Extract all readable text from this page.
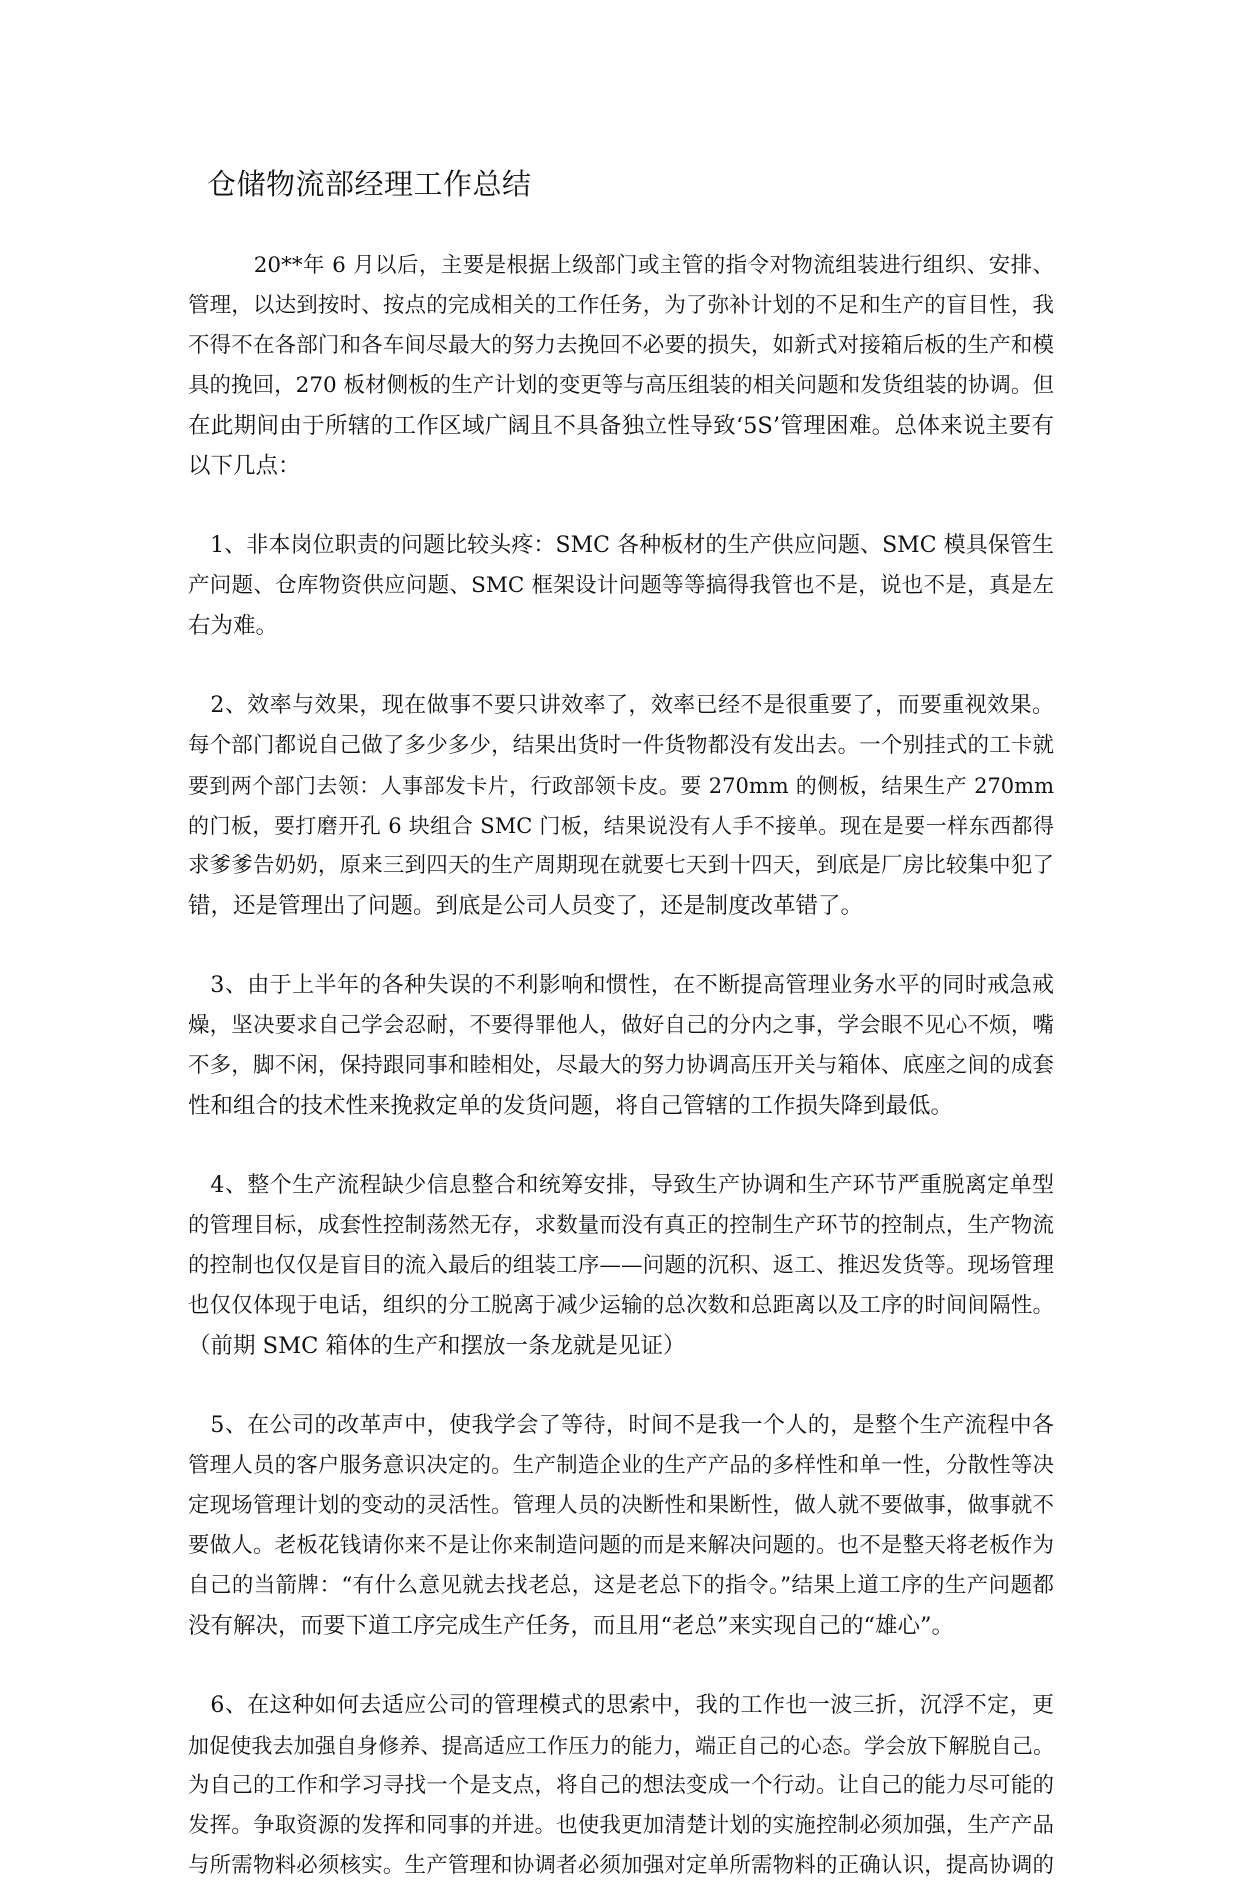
仓储物流部经理工作总结
　　　20**年 6 月以后，主要是根据上级部门或主管的指令对物流组装进行组织、安排、
管理，以达到按时、按点的完成相关的工作任务，为了弥补计划的不足和生产的盲目性，我
不得不在各部门和各车间尽最大的努力去挽回不必要的损失，如新式对接箱后板的生产和模
具的挽回，270 板材侧板的生产计划的变更等与高压组装的相关问题和发货组装的协调。但
在此期间由于所辖的工作区域广阔且不具备独立性导致‘5S’管理困难。总体来说主要有
以下几点：
　1、非本岗位职责的问题比较头疼：SMC 各种板材的生产供应问题、SMC 模具保管生
产问题、仓库物资供应问题、SMC 框架设计问题等等搞得我管也不是，说也不是，真是左
右为难。
　2、效率与效果，现在做事不要只讲效率了，效率已经不是很重要了，而要重视效果。
每个部门都说自己做了多少多少，结果出货时一件货物都没有发出去。一个别挂式的工卡就
要到两个部门去领：人事部发卡片，行政部领卡皮。要 270mm 的侧板，结果生产 270mm
的门板，要打磨开孔 6 块组合 SMC 门板，结果说没有人手不接单。现在是要一样东西都得
求爹爹告奶奶，原来三到四天的生产周期现在就要七天到十四天，到底是厂房比较集中犯了
错，还是管理出了问题。到底是公司人员变了，还是制度改革错了。
　3、由于上半年的各种失误的不利影响和惯性，在不断提高管理业务水平的同时戒急戒
燥，坚决要求自己学会忍耐，不要得罪他人，做好自己的分内之事，学会眼不见心不烦，嘴
不多，脚不闲，保持跟同事和睦相处，尽最大的努力协调高压开关与箱体、底座之间的成套
性和组合的技术性来挽救定单的发货问题，将自己管辖的工作损失降到最低。
　4、整个生产流程缺少信息整合和统筹安排，导致生产协调和生产环节严重脱离定单型
的管理目标，成套性控制荡然无存，求数量而没有真正的控制生产环节的控制点，生产物流
的控制也仅仅是盲目的流入最后的组装工序——问题的沉积、返工、推迟发货等。现场管理
也仅仅体现于电话，组织的分工脱离于减少运输的总次数和总距离以及工序的时间间隔性。
（前期 SMC 箱体的生产和摆放一条龙就是见证）
　5、在公司的改革声中，使我学会了等待，时间不是我一个人的，是整个生产流程中各
管理人员的客户服务意识决定的。生产制造企业的生产产品的多样性和单一性，分散性等决
定现场管理计划的变动的灵活性。管理人员的决断性和果断性，做人就不要做事，做事就不
要做人。老板花钱请你来不是让你来制造问题的而是来解决问题的。也不是整天将老板作为
自己的当箭牌：“有什么意见就去找老总，这是老总下的指令。”结果上道工序的生产问题都
没有解决，而要下道工序完成生产任务，而且用“老总”来实现自己的“雄心”。
　6、在这种如何去适应公司的管理模式的思索中，我的工作也一波三折，沉浮不定，更
加促使我去加强自身修养、提高适应工作压力的能力，端正自己的心态。学会放下解脱自己。
为自己的工作和学习寻找一个是支点，将自己的想法变成一个行动。让自己的能力尽可能的
发挥。争取资源的发挥和同事的并进。也使我更加清楚计划的实施控制必须加强，生产产品
与所需物料必须核实。生产管理和协调者必须加强对定单所需物料的正确认识，提高协调的
